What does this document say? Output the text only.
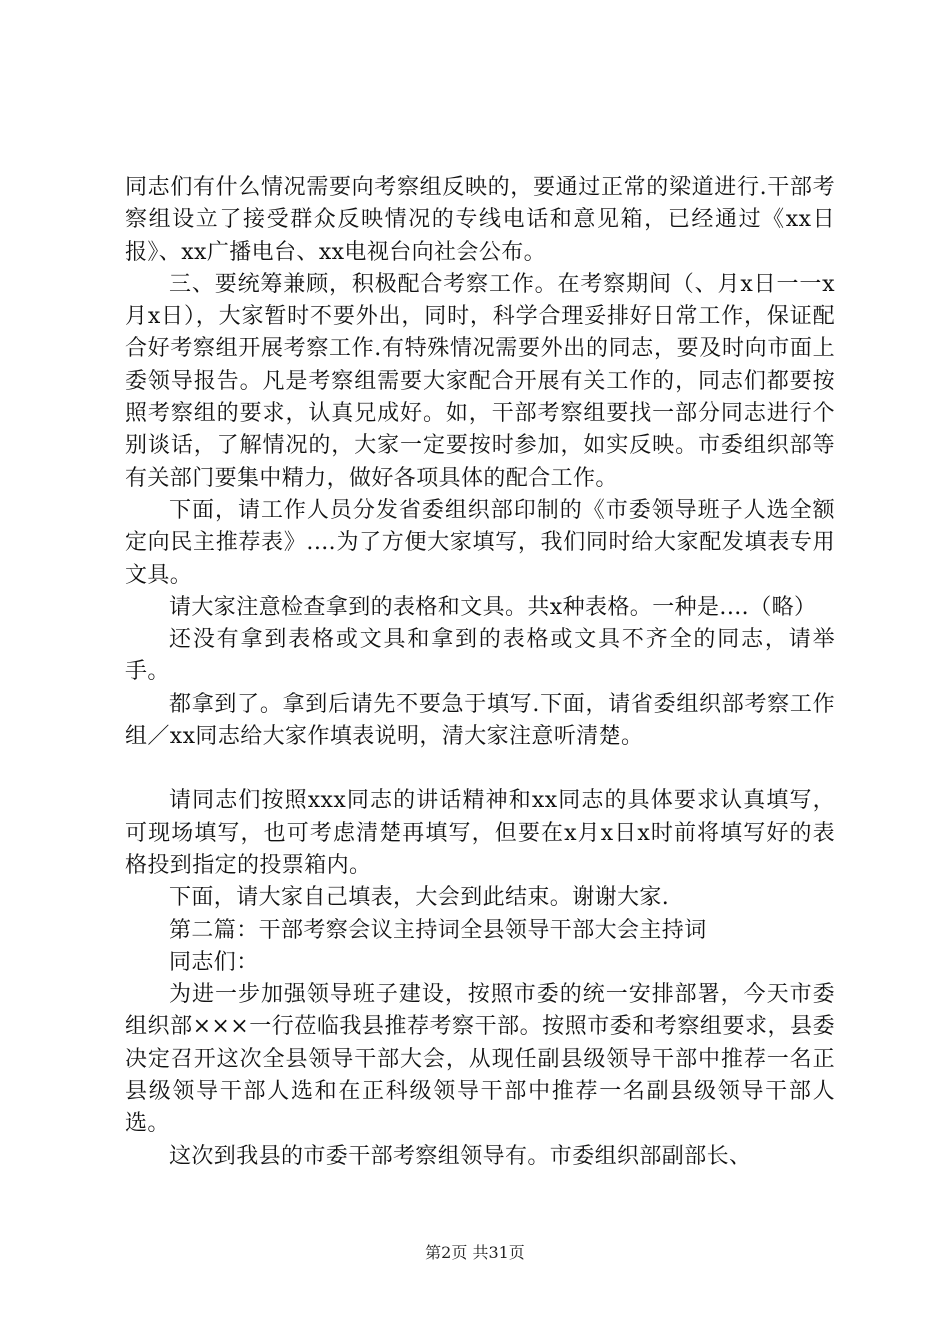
同志们有什么情况需要向考察组反映的，要通过正常的梁道进行.干部考察组设立了接受群众反映情况的专线电话和意见箱，已经通过《xx日报》、xx广播电台、xx电视台向社会公布。

三、要统筹兼顾，积极配合考察工作。在考察期间（、月x日一一x月x日），大家暂时不要外出，同时，科学合理妥排好日常工作，保证配合好考察组开展考察工作.有特殊情况需要外出的同志，要及时向市面上委领导报告。凡是考察组需要大家配合开展有关工作的，同志们都要按照考察组的要求，认真兄成好。如，干部考察组要找一部分同志进行个别谈话，了解情况的，大家一定要按时参加，如实反映。市委组织部等有关部门要集中精力，做好各项具体的配合工作。

下面，请工作人员分发省委组织部印制的《市委领导班子人选全额定向民主推荐表》.…为了方便大家填写，我们同时给大家配发填表专用文具。

请大家注意检查拿到的表格和文具。共x种表格。一种是.…（略）

还没有拿到表格或文具和拿到的表格或文具不齐全的同志，请举手。

都拿到了。拿到后请先不要急于填写.下面，请省委组织部考察工作组／xx同志给大家作填表说明，清大家注意听清楚。

请同志们按照xxx同志的讲话精神和xx同志的具体要求认真填写，可现场填写，也可考虑清楚再填写，但要在x月x日x时前将填写好的表格投到指定的投票箱内。

下面，请大家自己填表，大会到此结束。谢谢大家.

第二篇：干部考察会议主持词全县领导干部大会主持词

同志们：

为进一步加强领导班子建设，按照市委的统一安排部署，今天市委组织部×××一行莅临我县推荐考察干部。按照市委和考察组要求，县委决定召开这次全县领导干部大会，从现任副县级领导干部中推荐一名正县级领导干部人选和在正科级领导干部中推荐一名副县级领导干部人选。

这次到我县的市委干部考察组领导有。市委组织部副部长、

第2页 共31页
